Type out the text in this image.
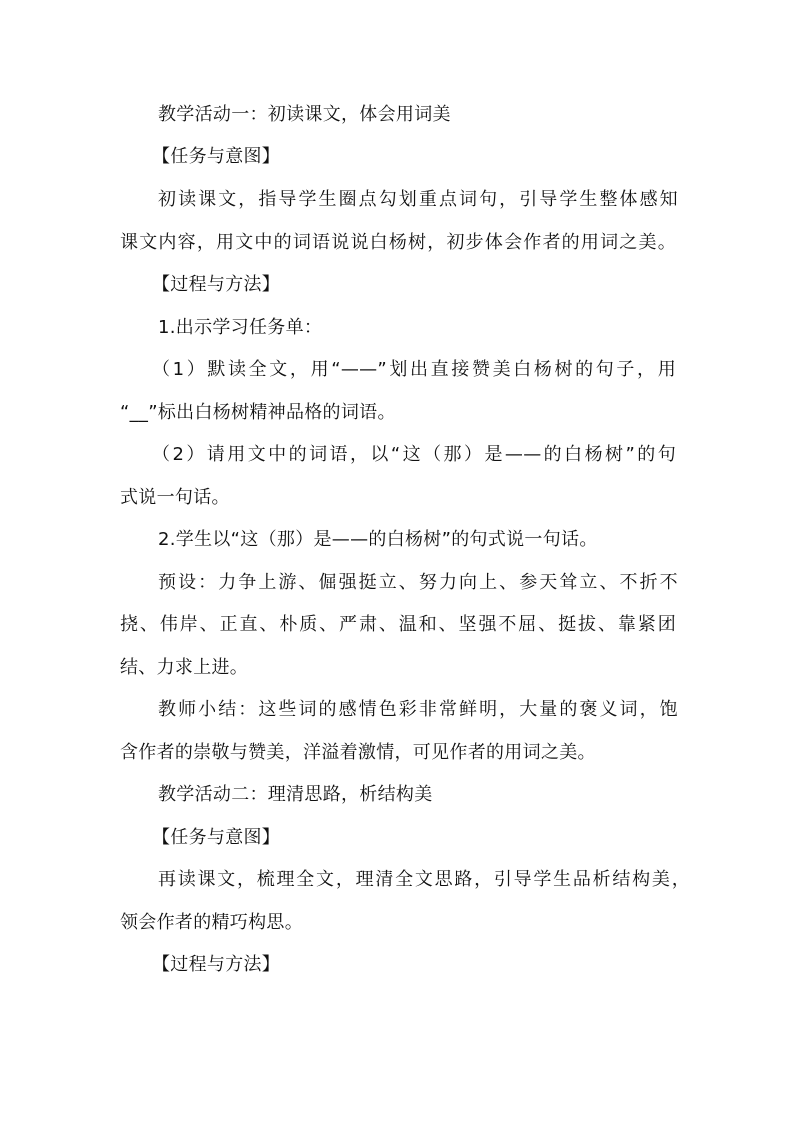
教学活动一：初读课文，体会用词美
【任务与意图】
初读课文，指导学生圈点勾划重点词句，引导学生整体感知
课文内容，用文中的词语说说白杨树，初步体会作者的用词之美。
【过程与方法】
1.出示学习任务单：
（1）默读全文，用“——”划出直接赞美白杨树的句子，用
“__”标出白杨树精神品格的词语。
（2）请用文中的词语，以“这（那）是——的白杨树”的句
式说一句话。
2.学生以“这（那）是——的白杨树”的句式说一句话。
预设：力争上游、倔强挺立、努力向上、参天耸立、不折不
挠、伟岸、正直、朴质、严肃、温和、坚强不屈、挺拔、靠紧团
结、力求上进。
教师小结：这些词的感情色彩非常鲜明，大量的褒义词，饱
含作者的崇敬与赞美，洋溢着激情，可见作者的用词之美。
教学活动二：理清思路，析结构美
【任务与意图】
再读课文，梳理全文，理清全文思路，引导学生品析结构美，
领会作者的精巧构思。
【过程与方法】
